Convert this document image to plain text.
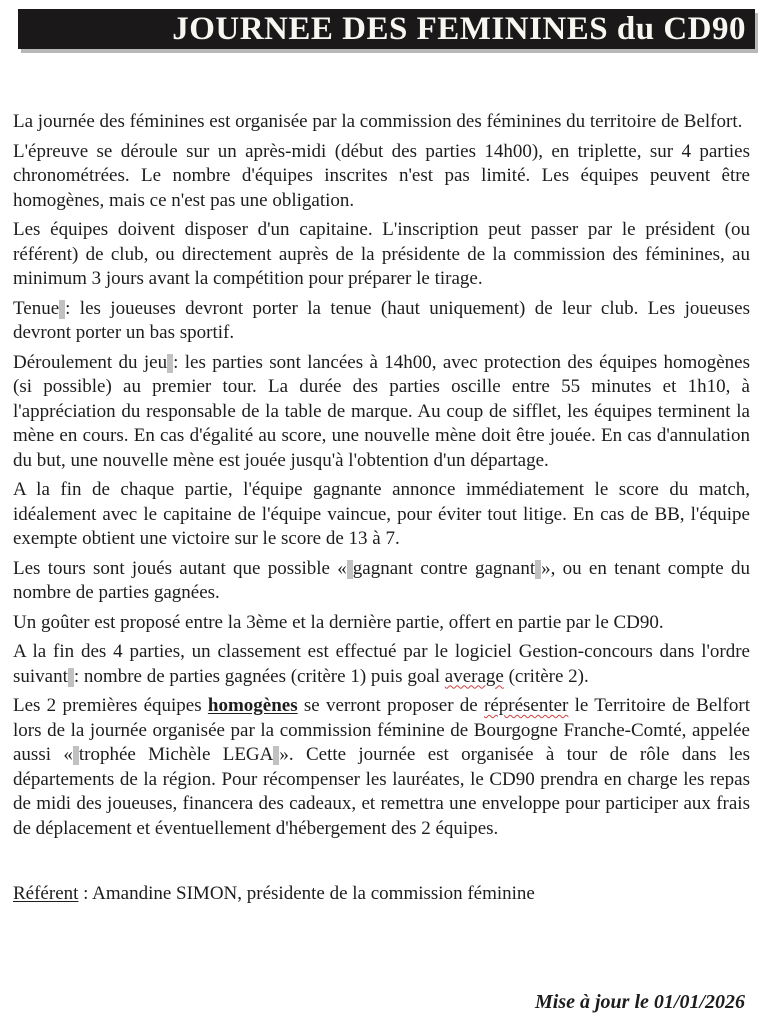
JOURNEE DES FEMININES du CD90

La journée des féminines est organisée par la commission des féminines du territoire de Belfort.

L'épreuve se déroule sur un après-midi (début des parties 14h00), en triplette, sur 4 parties chronométrées. Le nombre d'équipes inscrites n'est pas limité. Les équipes peuvent être homogènes, mais ce n'est pas une obligation.

Les équipes doivent disposer d'un capitaine. L'inscription peut passer par le président (ou référent) de club, ou directement auprès de la présidente de la commission des féminines, au minimum 3 jours avant la compétition pour préparer le tirage.

Tenue : les joueuses devront porter la tenue (haut uniquement) de leur club. Les joueuses devront porter un bas sportif.

Déroulement du jeu : les parties sont lancées à 14h00, avec protection des équipes homogènes (si possible) au premier tour. La durée des parties oscille entre 55 minutes et 1h10, à l'appréciation du responsable de la table de marque. Au coup de sifflet, les équipes terminent la mène en cours. En cas d'égalité au score, une nouvelle mène doit être jouée. En cas d'annulation du but, une nouvelle mène est jouée jusqu'à l'obtention d'un départage.

A la fin de chaque partie, l'équipe gagnante annonce immédiatement le score du match, idéalement avec le capitaine de l'équipe vaincue, pour éviter tout litige. En cas de BB, l'équipe exempte obtient une victoire sur le score de 13 à 7.

Les tours sont joués autant que possible « gagnant contre gagnant », ou en tenant compte du nombre de parties gagnées.

Un goûter est proposé entre la 3ème et la dernière partie, offert en partie par le CD90.

A la fin des 4 parties, un classement est effectué par le logiciel Gestion-concours dans l'ordre suivant : nombre de parties gagnées (critère 1) puis goal average (critère 2).

Les 2 premières équipes homogènes se verront proposer de réprésenter le Territoire de Belfort lors de la journée organisée par la commission féminine de Bourgogne Franche-Comté, appelée aussi « trophée Michèle LEGA ». Cette journée est organisée à tour de rôle dans les départements de la région. Pour récompenser les lauréates, le CD90 prendra en charge les repas de midi des joueuses, financera des cadeaux, et remettra une enveloppe pour participer aux frais de déplacement et éventuellement d'hébergement des 2 équipes.

Référent : Amandine SIMON, présidente de la commission féminine

Mise à jour le 01/01/2026
